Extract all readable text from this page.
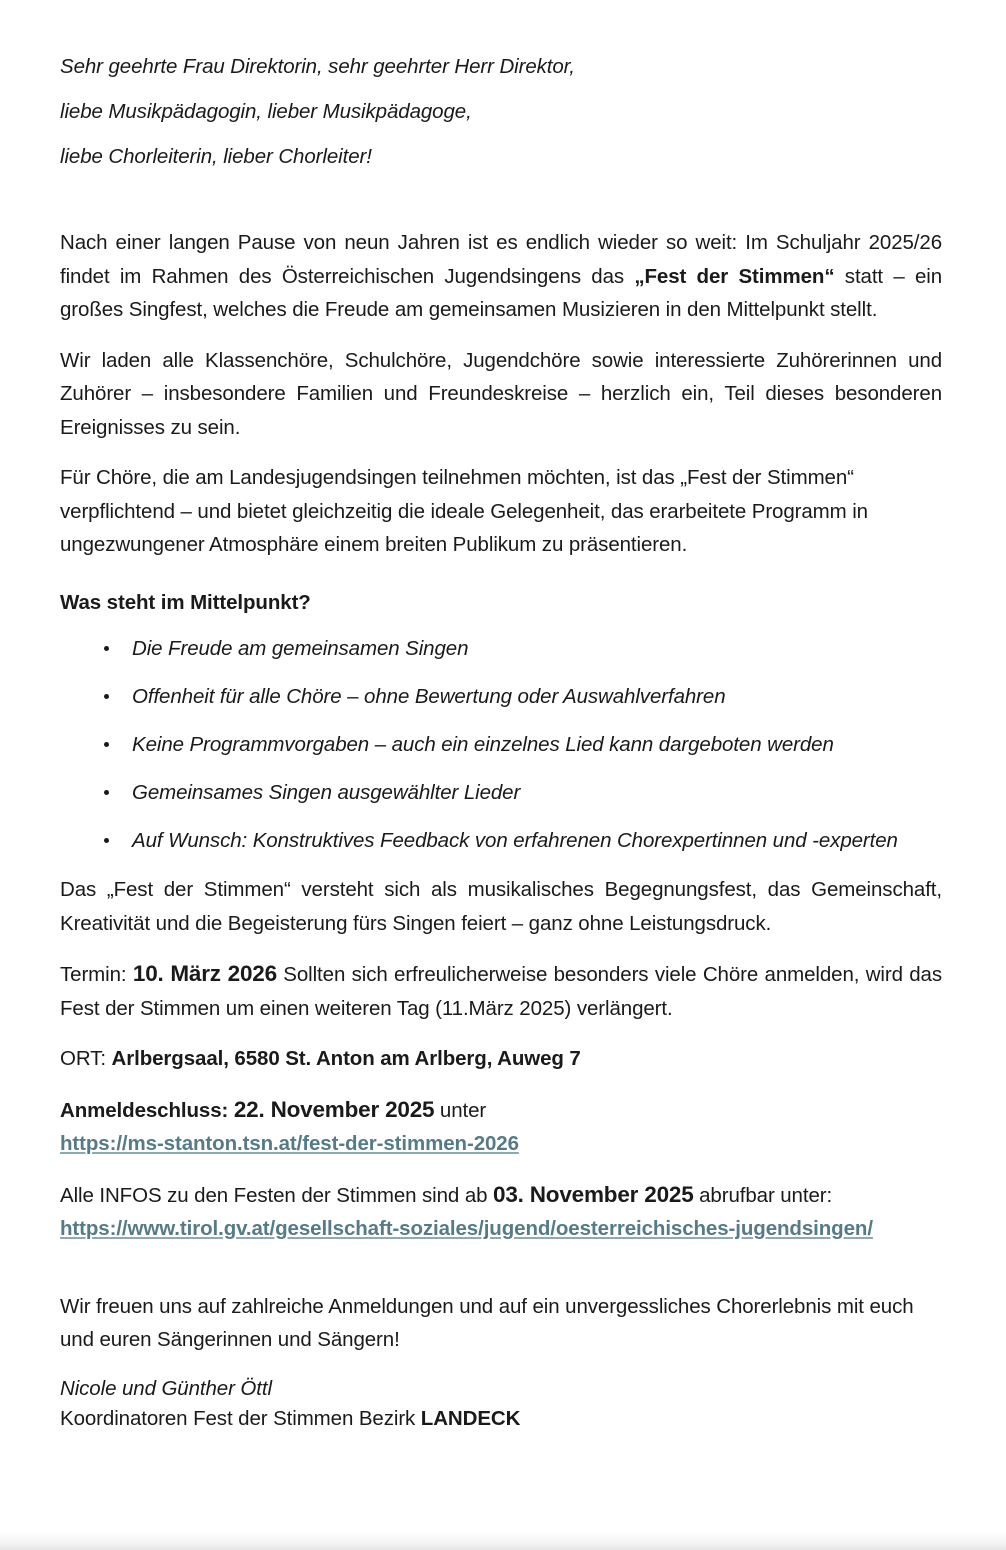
Sehr geehrte Frau Direktorin, sehr geehrter Herr Direktor,
liebe Musikpädagogin, lieber Musikpädagoge,
liebe Chorleiterin, lieber Chorleiter!

Nach einer langen Pause von neun Jahren ist es endlich wieder so weit: Im Schuljahr 2025/26 findet im Rahmen des Österreichischen Jugendsingens das „Fest der Stimmen“ statt – ein großes Singfest, welches die Freude am gemeinsamen Musizieren in den Mittelpunkt stellt.

Wir laden alle Klassenchöre, Schulchöre, Jugendchöre sowie interessierte Zuhörerinnen und Zuhörer – insbesondere Familien und Freundeskreise – herzlich ein, Teil dieses besonderen Ereignisses zu sein.

Für Chöre, die am Landesjugendsingen teilnehmen möchten, ist das „Fest der Stimmen“ verpflichtend – und bietet gleichzeitig die ideale Gelegenheit, das erarbeitete Programm in ungezwungener Atmosphäre einem breiten Publikum zu präsentieren.

Was steht im Mittelpunkt?

Die Freude am gemeinsamen Singen
Offenheit für alle Chöre – ohne Bewertung oder Auswahlverfahren
Keine Programmvorgaben – auch ein einzelnes Lied kann dargeboten werden
Gemeinsames Singen ausgewählter Lieder
Auf Wunsch: Konstruktives Feedback von erfahrenen Chorexpertinnen und -experten

Das „Fest der Stimmen“ versteht sich als musikalisches Begegnungsfest, das Gemeinschaft, Kreativität und die Begeisterung fürs Singen feiert – ganz ohne Leistungsdruck.

Termin: 10. März 2026 Sollten sich erfreulicherweise besonders viele Chöre anmelden, wird das Fest der Stimmen um einen weiteren Tag (11.März 2025) verlängert.

ORT: Arlbergsaal, 6580 St. Anton am Arlberg, Auweg 7

Anmeldeschluss: 22. November 2025 unter

https://ms-stanton.tsn.at/fest-der-stimmen-2026

Alle INFOS zu den Festen der Stimmen sind ab 03. November 2025 abrufbar unter:

https://www.tirol.gv.at/gesellschaft-soziales/jugend/oesterreichisches-jugendsingen/

Wir freuen uns auf zahlreiche Anmeldungen und auf ein unvergessliches Chorerlebnis mit euch und euren Sängerinnen und Sängern!

Nicole und Günther Öttl
Koordinatoren Fest der Stimmen Bezirk LANDECK
